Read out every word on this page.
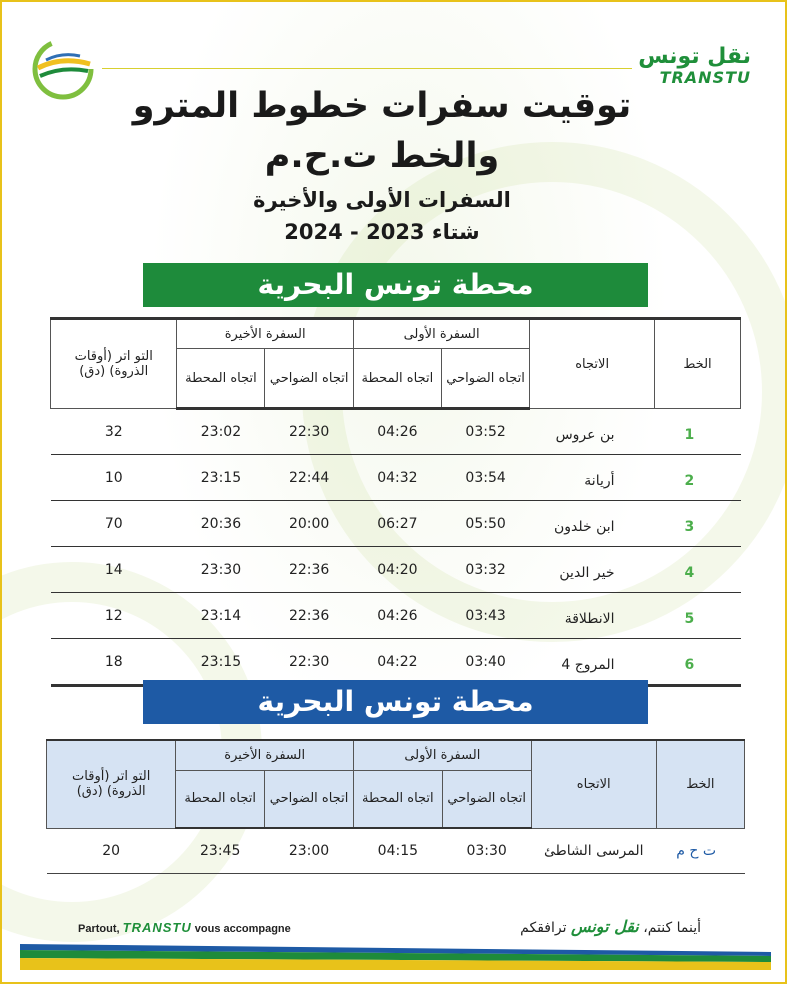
نقل تونس
TRANSTU
توقيت سفرات خطوط المترو
والخط ت.ح.م
السفرات الأولى والأخيرة
شتاء 2023 - 2024
محطة تونس البحرية
الخط	الاتجاه	السفرة الأولى		السفرة الأخيرة		التو اتر (أوقات الذروة) (دق)
		اتجاه الضواحي	اتجاه المحطة	اتجاه الضواحي	اتجاه المحطة	
1	بن عروس	03:52	04:26	22:30	23:02	32
2	أريانة	03:54	04:32	22:44	23:15	10
3	ابن خلدون	05:50	06:27	20:00	20:36	70
4	خير الدين	03:32	04:20	22:36	23:30	14
5	الانطلاقة	03:43	04:26	22:36	23:14	12
6	المروج 4	03:40	04:22	22:30	23:15	18
محطة تونس البحرية
الخط	الاتجاه	السفرة الأولى		السفرة الأخيرة		التو اتر (أوقات الذروة) (دق)
		اتجاه الضواحي	اتجاه المحطة	اتجاه الضواحي	اتجاه المحطة	
ت ح م	المرسى الشاطئ	03:30	04:15	23:00	23:45	20
Partout, TRANSTU vous accompagne	أينما كنتم، نقل تونس ترافقكم
